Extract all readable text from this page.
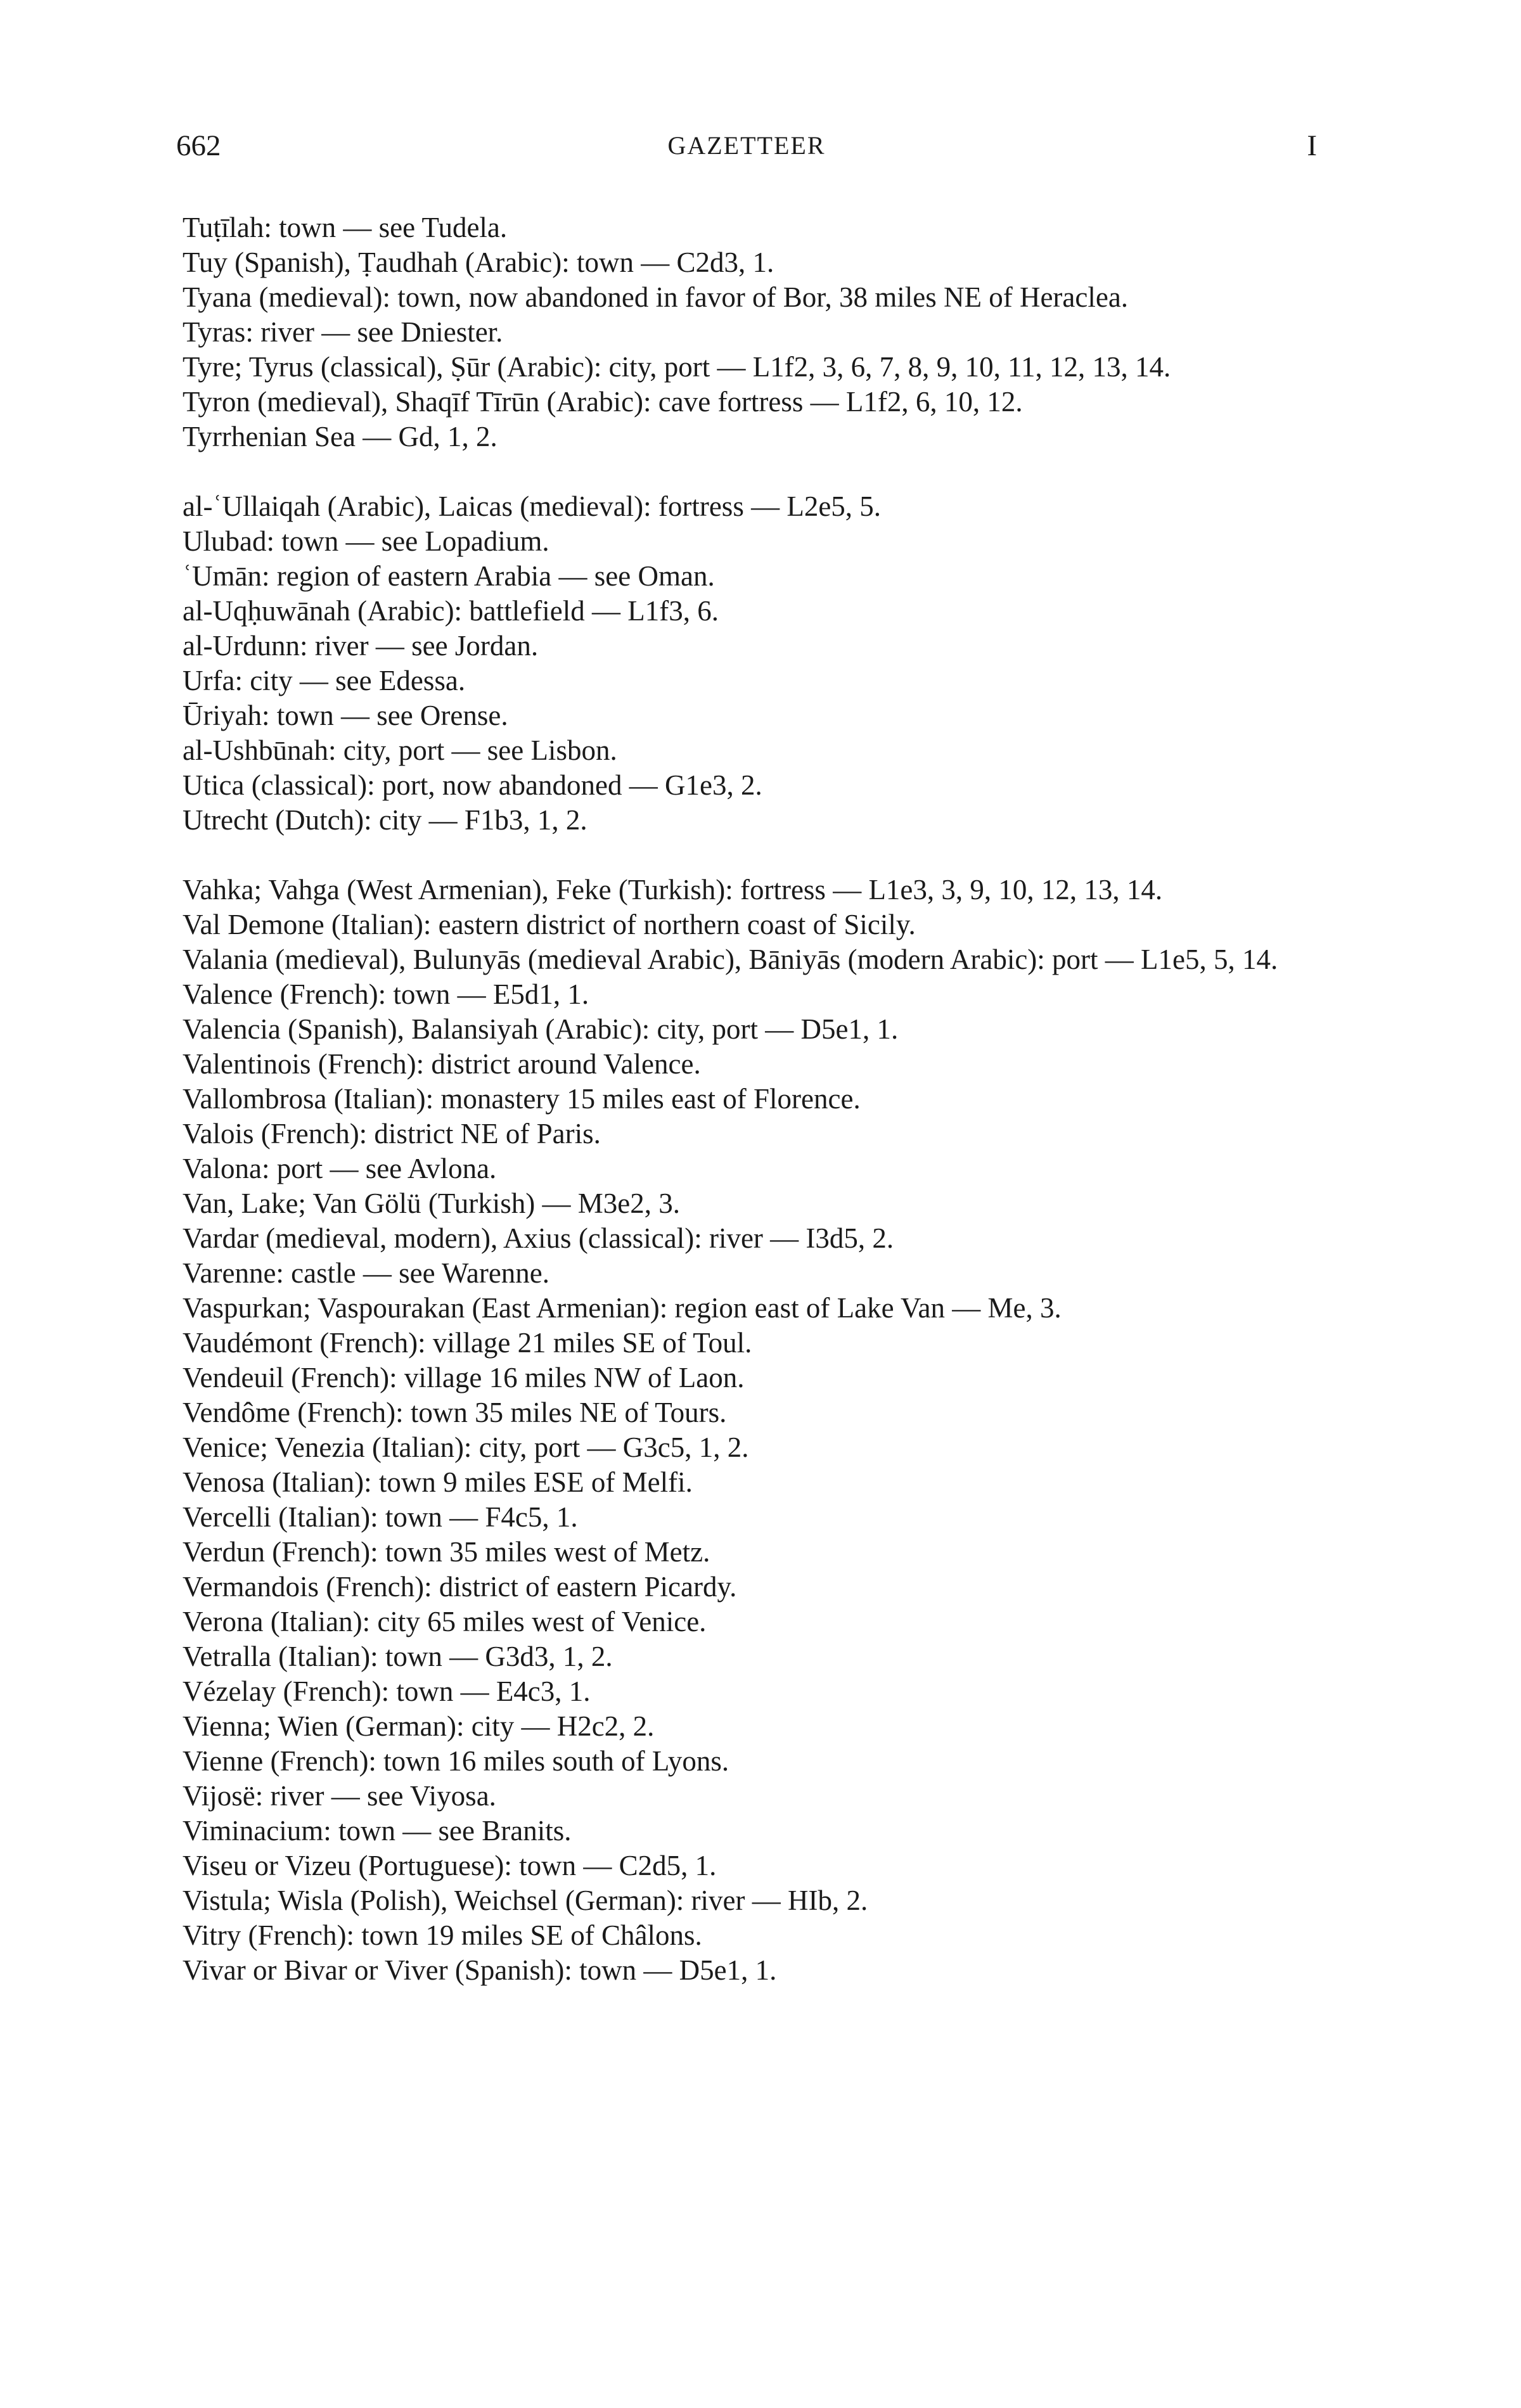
662	GAZETTEER	I
Tuṭīlah: town — see Tudela.
Tuy (Spanish), Ṭaudhah (Arabic): town — C2d3, 1.
Tyana (medieval): town, now abandoned in favor of Bor, 38 miles NE of Heraclea.
Tyras: river — see Dniester.
Tyre; Tyrus (classical), Ṣūr (Arabic): city, port — L1f2, 3, 6, 7, 8, 9, 10, 11, 12, 13, 14.
Tyron (medieval), Shaqīf Tīrūn (Arabic): cave fortress — L1f2, 6, 10, 12.
Tyrrhenian Sea — Gd, 1, 2.
al-ʿUllaiqah (Arabic), Laicas (medieval): fortress — L2e5, 5.
Ulubad: town — see Lopadium.
ʿUmān: region of eastern Arabia — see Oman.
al-Uqḥuwānah (Arabic): battlefield — L1f3, 6.
al-Urdunn: river — see Jordan.
Urfa: city — see Edessa.
Ūriyah: town — see Orense.
al-Ushbūnah: city, port — see Lisbon.
Utica (classical): port, now abandoned — G1e3, 2.
Utrecht (Dutch): city — F1b3, 1, 2.
Vahka; Vahga (West Armenian), Feke (Turkish): fortress — L1e3, 3, 9, 10, 12, 13, 14.
Val Demone (Italian): eastern district of northern coast of Sicily.
Valania (medieval), Bulunyās (medieval Arabic), Bāniyās (modern Arabic): port — L1e5, 5, 14.
Valence (French): town — E5d1, 1.
Valencia (Spanish), Balansiyah (Arabic): city, port — D5e1, 1.
Valentinois (French): district around Valence.
Vallombrosa (Italian): monastery 15 miles east of Florence.
Valois (French): district NE of Paris.
Valona: port — see Avlona.
Van, Lake; Van Gölü (Turkish) — M3e2, 3.
Vardar (medieval, modern), Axius (classical): river — I3d5, 2.
Varenne: castle — see Warenne.
Vaspurkan; Vaspourakan (East Armenian): region east of Lake Van — Me, 3.
Vaudémont (French): village 21 miles SE of Toul.
Vendeuil (French): village 16 miles NW of Laon.
Vendôme (French): town 35 miles NE of Tours.
Venice; Venezia (Italian): city, port — G3c5, 1, 2.
Venosa (Italian): town 9 miles ESE of Melfi.
Vercelli (Italian): town — F4c5, 1.
Verdun (French): town 35 miles west of Metz.
Vermandois (French): district of eastern Picardy.
Verona (Italian): city 65 miles west of Venice.
Vetralla (Italian): town — G3d3, 1, 2.
Vézelay (French): town — E4c3, 1.
Vienna; Wien (German): city — H2c2, 2.
Vienne (French): town 16 miles south of Lyons.
Vijosë: river — see Viyosa.
Viminacium: town — see Branits.
Viseu or Vizeu (Portuguese): town — C2d5, 1.
Vistula; Wisla (Polish), Weichsel (German): river — HIb, 2.
Vitry (French): town 19 miles SE of Châlons.
Vivar or Bivar or Viver (Spanish): town — D5e1, 1.
